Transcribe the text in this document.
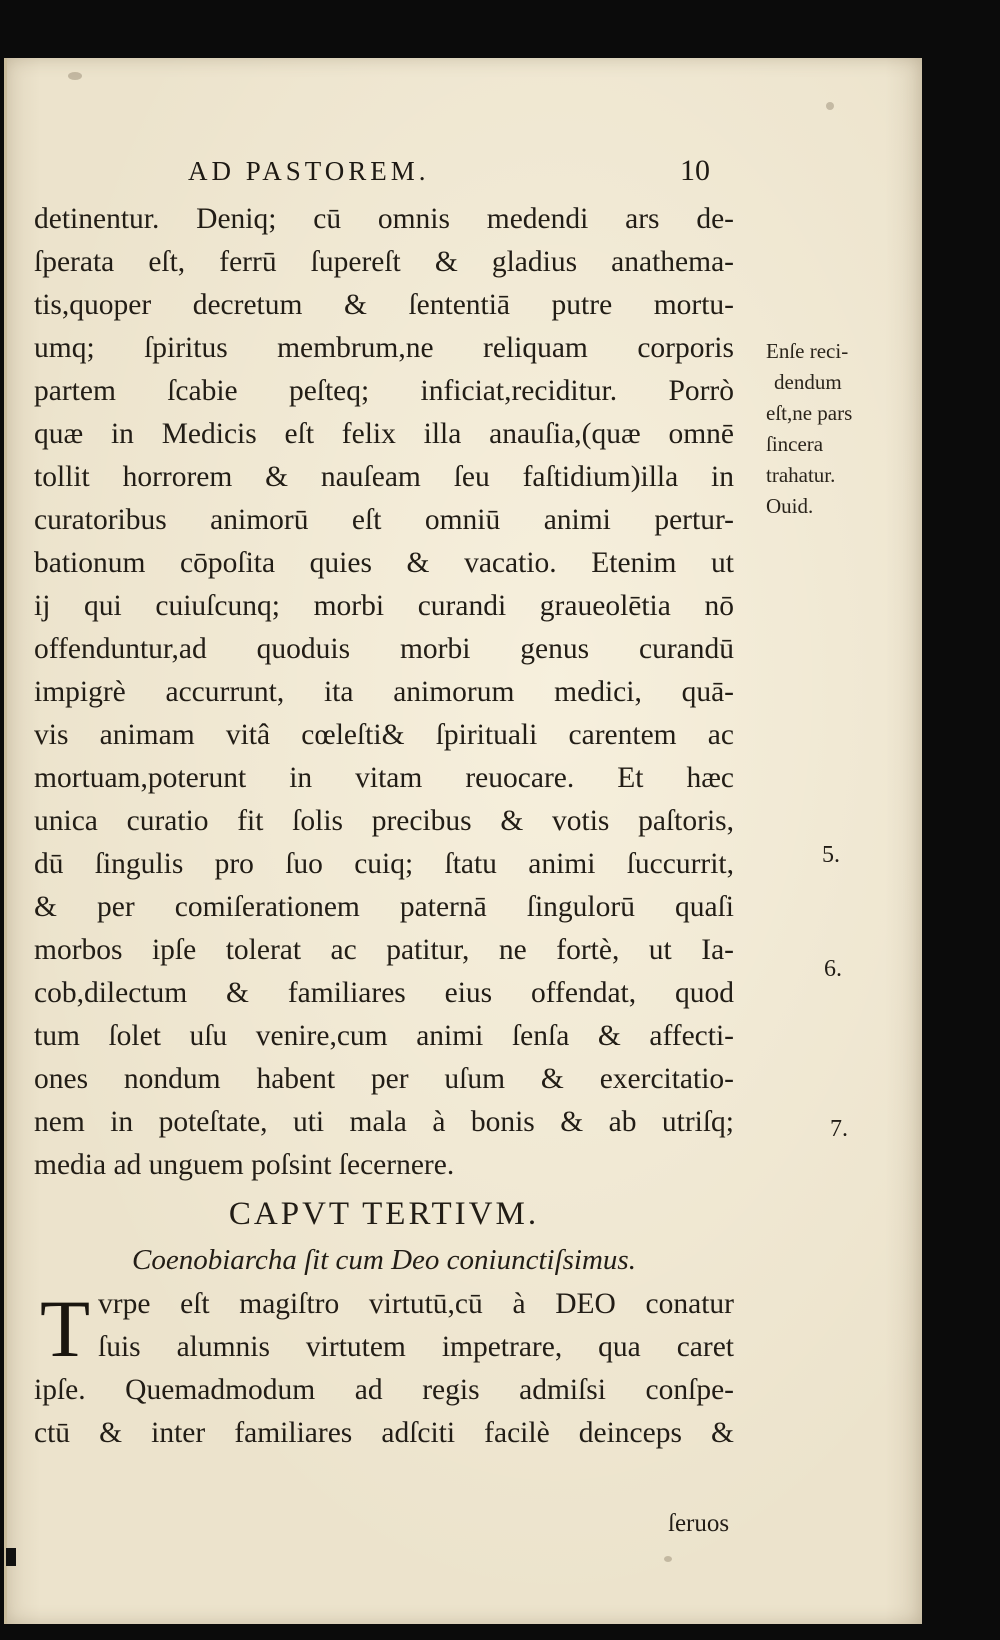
AD PASTOREM.	10
detinentur. Deniq; cū omnis medendi ars de-
ſperata eſt, ferrū ſupereſt & gladius anathema-
tis,quoper decretum & ſententiā putre mortu-
umq; ſpiritus membrum,ne reliquam corporis
partem ſcabie peſteq; inficiat,reciditur. Porrò
quæ in Medicis eſt felix illa anauſia,(quæ omnē
tollit horrorem & nauſeam ſeu faſtidium)illa in
curatoribus animorū eſt omniū animi pertur-
bationum cōpoſita quies & vacatio. Etenim ut
ij qui cuiuſcunq; morbi curandi graueolētia nō
offenduntur,ad quoduis morbi genus curandū
impigrè accurrunt, ita animorum medici, quā-
vis animam vitâ cœleſti& ſpirituali carentem ac
mortuam,poterunt in vitam reuocare. Et hæc
unica curatio fit ſolis precibus & votis paſtoris,
dū ſingulis pro ſuo cuiq; ſtatu animi ſuccurrit,
& per comiſerationem paternā ſingulorū quaſi
morbos ipſe tolerat ac patitur, ne fortè, ut Ia-
cob,dilectum & familiares eius offendat, quod
tum ſolet uſu venire,cum animi ſenſa & affecti-
ones nondum habent per uſum & exercitatio-
nem in poteſtate, uti mala à bonis & ab utriſq;
media ad unguem poſsint ſecernere.
CAPVT TERTIVM.
Coenobiarcha ſit cum Deo coniunctiſsimus.
T vrpe eſt magiſtro virtutū,cū à DEO conatur
ſuis alumnis virtutem impetrare, qua caret
ipſe. Quemadmodum ad regis admiſsi conſpe-
ctū & inter familiares adſciti facilè deinceps &
ſeruos
Enſe reci-
dendum
eſt,ne pars
ſincera
trahatur.
Ouid.
5.
6.
7.
